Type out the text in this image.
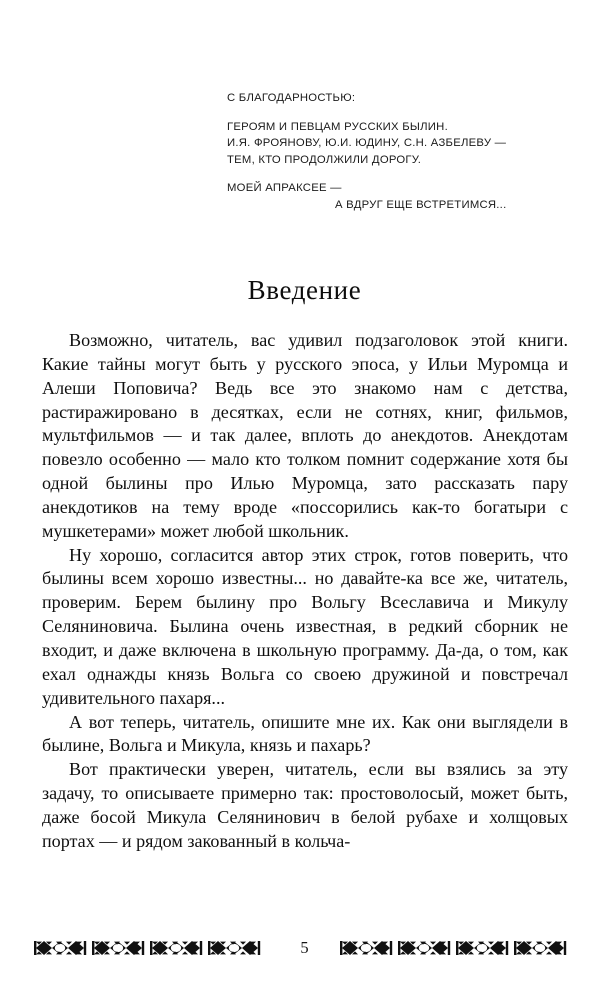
С БЛАГОДАРНОСТЬЮ:
ГЕРОЯМ И ПЕВЦАМ РУССКИХ БЫЛИН.
И.Я. ФРОЯНОВУ, Ю.И. ЮДИНУ, С.Н. АЗБЕЛЕВУ —
ТЕМ, КТО ПРОДОЛЖИЛИ ДОРОГУ.
МОЕЙ АПРАКСЕЕ —
А ВДРУГ ЕЩЕ ВСТРЕТИМСЯ...
Введение

Возможно, читатель, вас удивил подзаголовок этой книги. Какие тайны могут быть у русского эпоса, у Ильи Муромца и Алеши Поповича? Ведь все это знакомо нам с детства, растиражировано в десятках, если не сотнях, книг, фильмов, мультфильмов — и так далее, вплоть до анекдотов. Анекдотам повезло особенно — мало кто толком помнит содержание хотя бы одной былины про Илью Муромца, зато рассказать пару анекдотиков на тему вроде «поссорились как-то богатыри с мушкетерами» может любой школьник.

Ну хорошо, согласится автор этих строк, готов поверить, что былины всем хорошо известны... но давайте-ка все же, читатель, проверим. Берем былину про Вольгу Всеславича и Микулу Селяниновича. Былина очень известная, в редкий сборник не входит, и даже включена в школьную программу. Да-да, о том, как ехал однажды князь Вольга со своею дружиной и повстречал удивительного пахаря...

А вот теперь, читатель, опишите мне их. Как они выглядели в былине, Вольга и Микула, князь и пахарь?

Вот практически уверен, читатель, если вы взялись за эту задачу, то описываете примерно так: простоволосый, может быть, даже босой Микула Селянинович в белой рубахе и холщовых портах — и рядом закованный в кольча-

5
